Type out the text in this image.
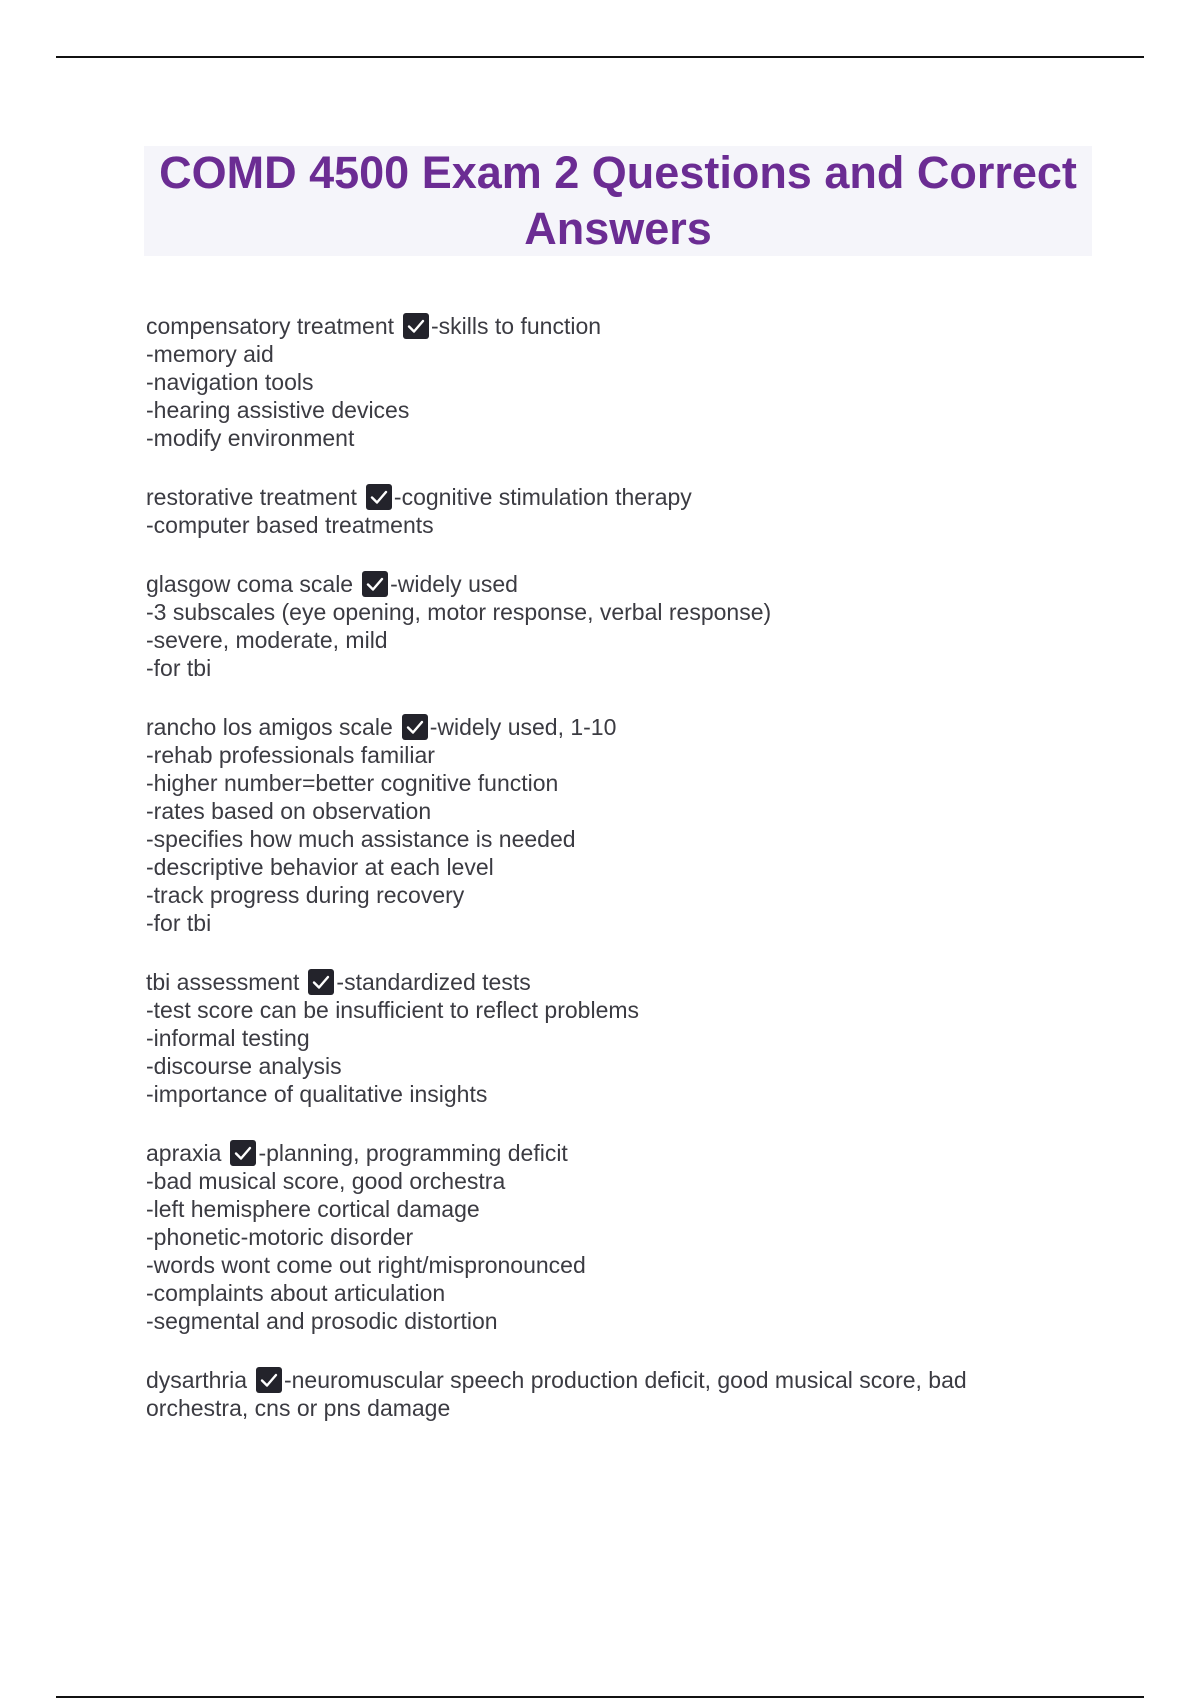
COMD 4500 Exam 2 Questions and Correct Answers
compensatory treatment -skills to function
-memory aid
-navigation tools
-hearing assistive devices
-modify environment
restorative treatment -cognitive stimulation therapy
-computer based treatments
glasgow coma scale -widely used
-3 subscales (eye opening, motor response, verbal response)
-severe, moderate, mild
-for tbi
rancho los amigos scale -widely used, 1-10
-rehab professionals familiar
-higher number=better cognitive function
-rates based on observation
-specifies how much assistance is needed
-descriptive behavior at each level
-track progress during recovery
-for tbi
tbi assessment -standardized tests
-test score can be insufficient to reflect problems
-informal testing
-discourse analysis
-importance of qualitative insights
apraxia -planning, programming deficit
-bad musical score, good orchestra
-left hemisphere cortical damage
-phonetic-motoric disorder
-words wont come out right/mispronounced
-complaints about articulation
-segmental and prosodic distortion
dysarthria -neuromuscular speech production deficit, good musical score, bad orchestra, cns or pns damage
